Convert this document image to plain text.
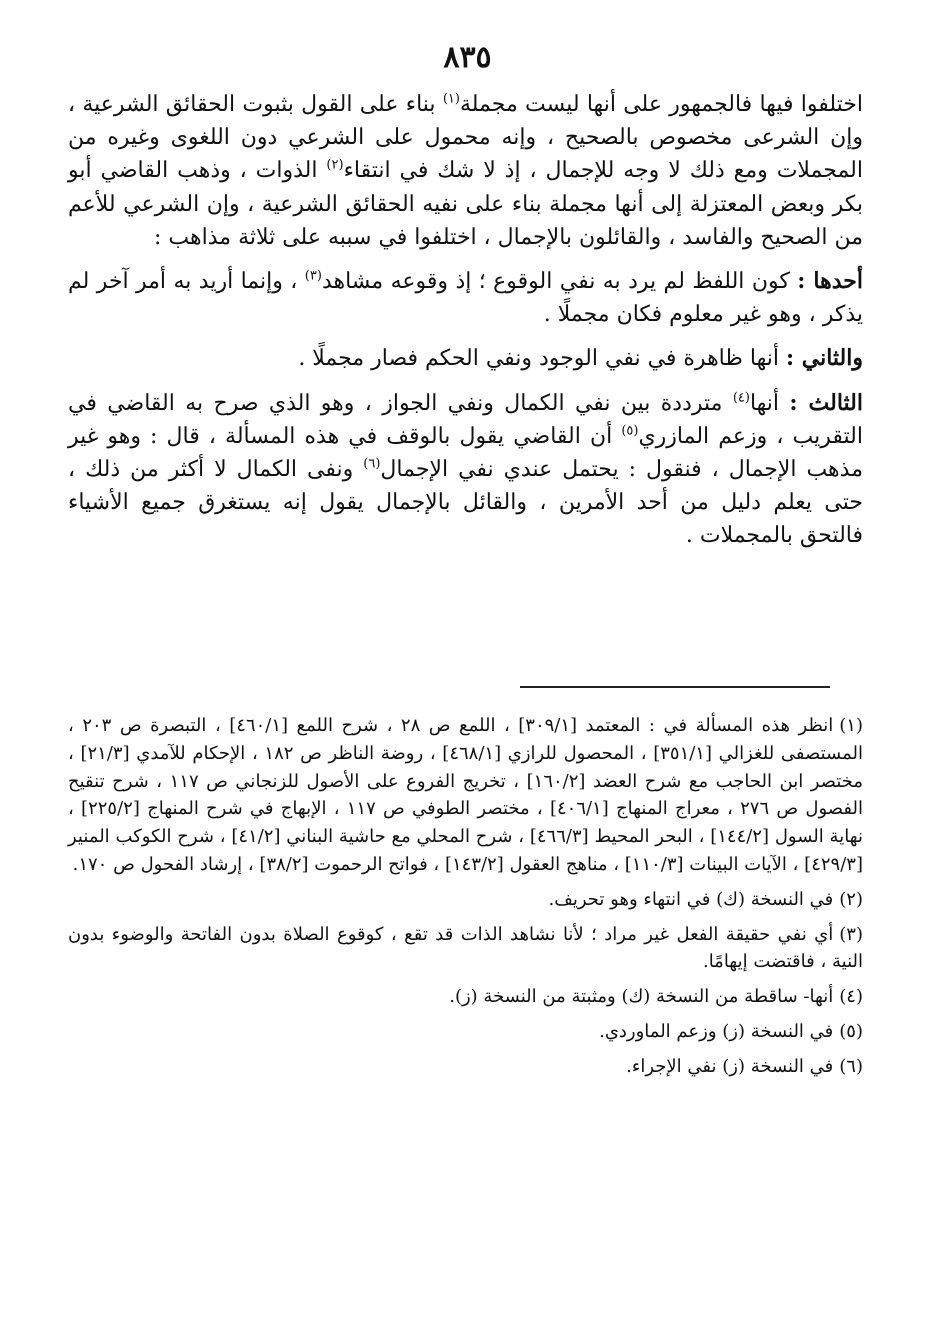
٨٣٥

اختلفوا فيها فالجمهور على أنها ليست مجملة$^{(١)}$ بناء على القول بثبوت الحقائق الشرعية ، وإن الشرعى مخصوص بالصحيح ، وإنه محمول على الشرعي دون اللغوى وغيره من المجملات ومع ذلك لا وجه للإجمال ، إذ لا شك في انتقاء$^{(٢)}$ الذوات ، وذهب القاضي أبو بكر وبعض المعتزلة إلى أنها مجملة بناء على نفيه الحقائق الشرعية ، وإن الشرعي للأعم من الصحيح والفاسد ، والقائلون بالإجمال ، اختلفوا في سببه على ثلاثة مذاهب :

أحدها : كون اللفظ لم يرد به نفي الوقوع ؛ إذ وقوعه مشاهد$^{(٣)}$ ، وإنما أريد به أمر آخر لم يذكر ، وهو غير معلوم فكان مجملًا .

والثاني : أنها ظاهرة في نفي الوجود ونفي الحكم فصار مجملًا .

الثالث : أنها$^{(٤)}$ مترددة بين نفي الكمال ونفي الجواز ، وهو الذي صرح به القاضي في التقريب ، وزعم المازري$^{(٥)}$ أن القاضي يقول بالوقف في هذه المسألة ، قال : وهو غير مذهب الإجمال ، فنقول : يحتمل عندي نفي الإجمال$^{(٦)}$ ونفى الكمال لا أكثر من ذلك ، حتى يعلم دليل من أحد الأمرين ، والقائل بالإجمال يقول إنه يستغرق جميع الأشياء فالتحق بالمجملات .

(١)انظر هذه المسألة في : المعتمد [٣٠٩/١] ، اللمع ص ٢٨ ، شرح اللمع [٤٦٠/١] ، التبصرة ص ٢٠٣ ، المستصفى للغزالي [٣٥١/١] ، المحصول للرازي [٤٦٨/١] ، روضة الناظر ص ١٨٢ ، الإحكام للآمدي [٢١/٣] ، مختصر ابن الحاجب مع شرح العضد [١٦٠/٢] ، تخريج الفروع على الأصول للزنجاني ص ١١٧ ، شرح تنقيح الفصول ص ٢٧٦ ، معراج المنهاج [٤٠٦/١] ، مختصر الطوفي ص ١١٧ ، الإبهاج في شرح المنهاج [٢٢٥/٢] ، نهاية السول [١٤٤/٢] ، البحر المحيط [٤٦٦/٣] ، شرح المحلي مع حاشية البناني [٤١/٢] ، شرح الكوكب المنير [٤٢٩/٣] ، الآيات البينات [١١٠/٣] ، مناهج العقول [١٤٣/٢] ، فواتح الرحموت [٣٨/٢] ، إرشاد الفحول ص ١٧٠.

(٢)في النسخة (ك) في انتهاء وهو تحريف.

(٣)أي نفي حقيقة الفعل غير مراد ؛ لأنا نشاهد الذات قد تقع ، كوقوع الصلاة بدون الفاتحة والوضوء بدون النية ، فاقتضت إيهامًا.

(٤)أنها- ساقطة من النسخة (ك) ومثبتة من النسخة (ز).

(٥)في النسخة (ز) وزعم الماوردي.

(٦)في النسخة (ز) نفي الإجراء.
